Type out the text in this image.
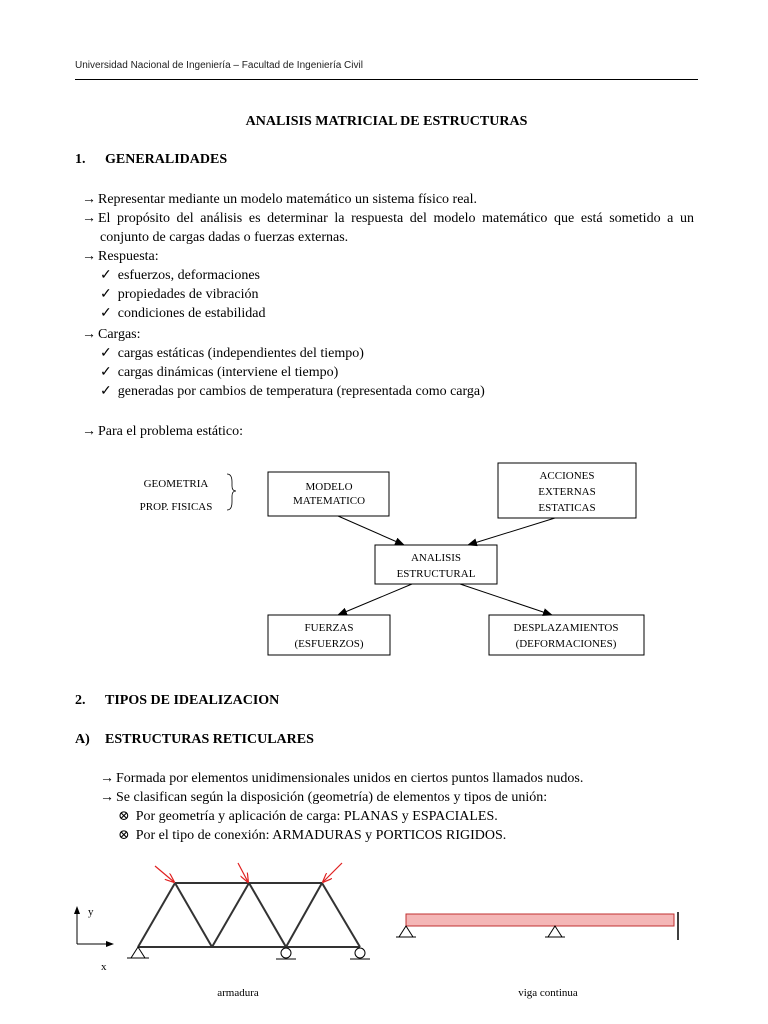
Universidad Nacional de Ingeniería – Facultad de Ingeniería Civil
ANALISIS MATRICIAL DE ESTRUCTURAS
1. GENERALIDADES
→ Representar mediante un modelo matemático un sistema físico real.
→ El propósito del análisis es determinar la respuesta del modelo matemático que está sometido a un
conjunto de cargas dadas o fuerzas externas.
→ Respuesta:
✓ esfuerzos, deformaciones
✓ propiedades de vibración
✓ condiciones de estabilidad
→ Cargas:
✓ cargas estáticas (independientes del tiempo)
✓ cargas dinámicas (interviene el tiempo)
✓ generadas por cambios de temperatura (representada como carga)
→ Para el problema estático:
2. TIPOS DE IDEALIZACION
A) ESTRUCTURAS RETICULARES
→ Formada por elementos unidimensionales unidos en ciertos puntos llamados nudos.
→ Se clasifican según la disposición (geometría) de elementos y tipos de unión:
⊗ Por geometría y aplicación de carga: PLANAS y ESPACIALES.
⊗ Por el tipo de conexión: ARMADURAS y PORTICOS RIGIDOS.
GEOMETRIA
PROP. FISICAS
MODELO
MATEMATICO
ACCIONES
EXTERNAS
ESTATICAS
ANALISIS
ESTRUCTURAL
FUERZAS
(ESFUERZOS)
DESPLAZAMIENTOS
(DEFORMACIONES)
y
x
armadura	viga continua
